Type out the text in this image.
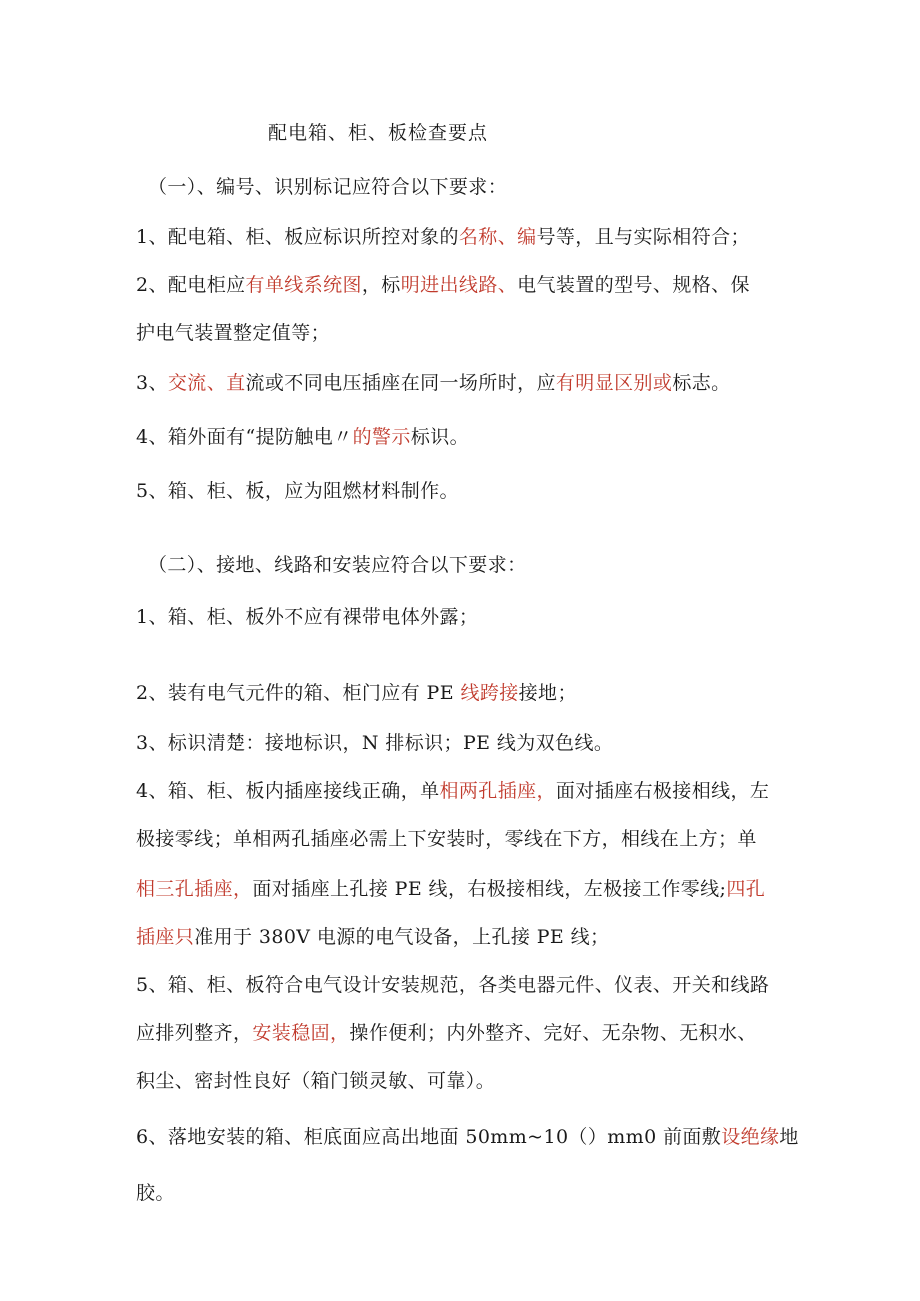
配电箱、柜、板检查要点
（一）、编号、识别标记应符合以下要求：
1、配电箱、柜、板应标识所控对象的名称、编号等，且与实际相符合；
2、配电柜应有单线系统图，标明进出线路、电气装置的型号、规格、保
护电气装置整定值等；
3、交流、直流或不同电压插座在同一场所时，应有明显区别或标志。
4、箱外面有“提防触电〃的警示标识。
5、箱、柜、板，应为阻燃材料制作。
（二）、接地、线路和安装应符合以下要求：
1、箱、柜、板外不应有裸带电体外露；
2、装有电气元件的箱、柜门应有 PE 线跨接接地；
3、标识清楚：接地标识，N 排标识；PE 线为双色线。
4、箱、柜、板内插座接线正确，单相两孔插座，面对插座右极接相线，左
极接零线；单相两孔插座必需上下安装时，零线在下方，相线在上方；单
相三孔插座，面对插座上孔接 PE 线，右极接相线，左极接工作零线;四孔
插座只准用于 380V 电源的电气设备，上孔接 PE 线；
5、箱、柜、板符合电气设计安装规范，各类电器元件、仪表、开关和线路
应排列整齐，安装稳固，操作便利；内外整齐、完好、无杂物、无积水、
积尘、密封性良好（箱门锁灵敏、可靠）。
6、落地安装的箱、柜底面应高出地面 50mm~10（）mm0 前面敷设绝缘地
胶。
